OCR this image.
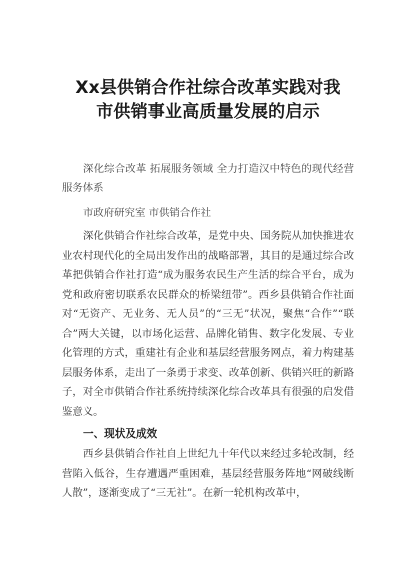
Xx县供销合作社综合改革实践对我
市供销事业高质量发展的启示

深化综合改革 拓展服务领域 全力打造汉中特色的现代经营服务体系

市政府研究室 市供销合作社

深化供销合作社综合改革，是党中央、国务院从加快推进农业农村现代化的全局出发作出的战略部署，其目的是通过综合改革把供销合作社打造“成为服务农民生产生活的综合平台，成为党和政府密切联系农民群众的桥梁纽带”。西乡县供销合作社面对“无资产、无业务、无人员”的“三无”状况，聚焦“合作”“联合”两大关键，以市场化运营、品牌化销售、数字化发展、专业化管理的方式，重建社有企业和基层经营服务网点，着力构建基层服务体系，走出了一条勇于求变、改革创新、供销兴旺的新路子，对全市供销合作社系统持续深化综合改革具有很强的启发借鉴意义。

一、现状及成效

西乡县供销合作社自上世纪九十年代以来经过多轮改制，经营陷入低谷，生存遭遇严重困难，基层经营服务阵地“网破线断人散”，逐渐变成了“三无社”。在新一轮机构改革中，
